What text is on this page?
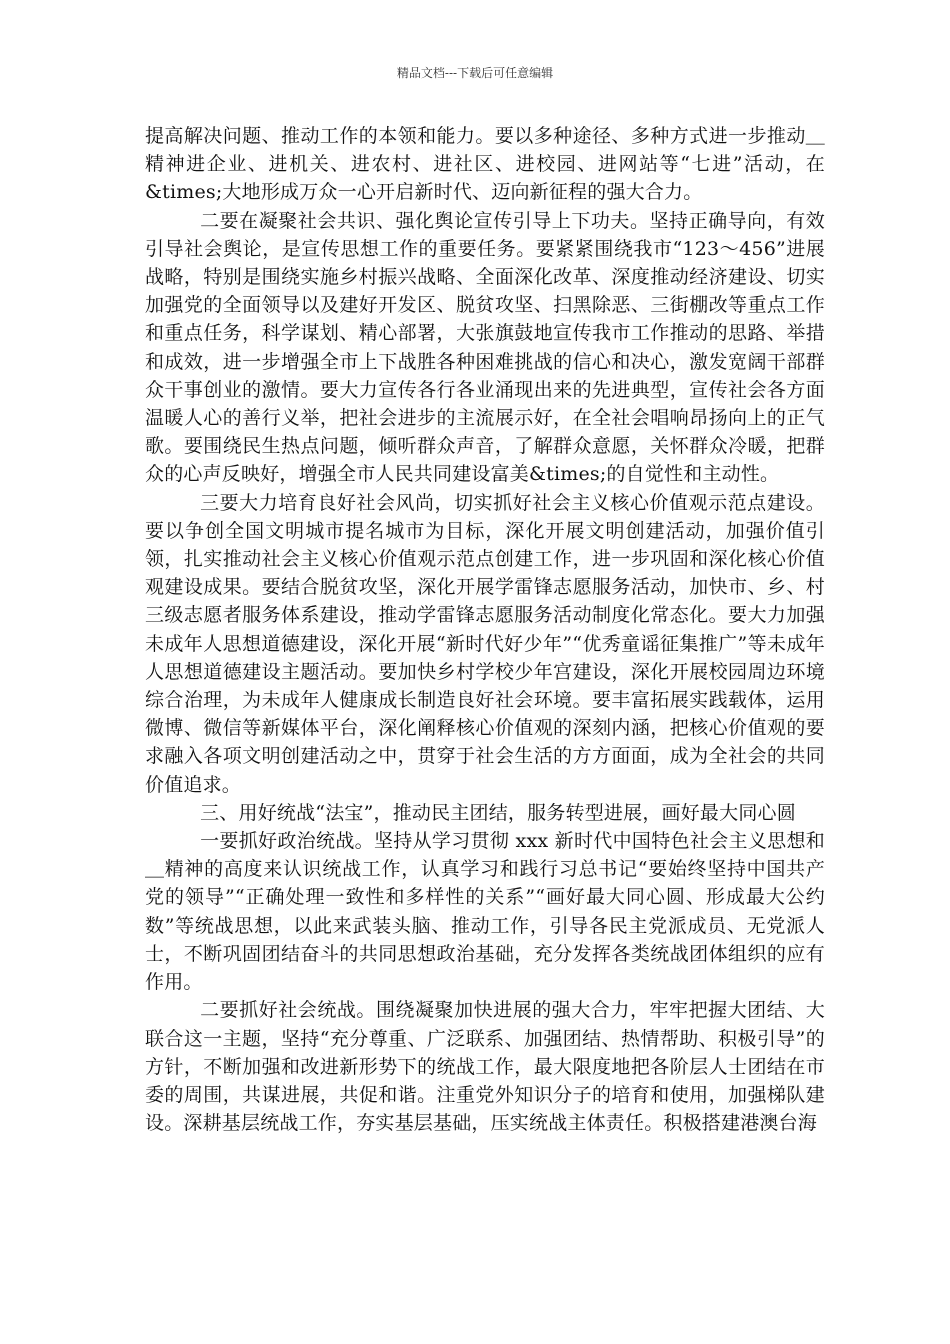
精品文档---下载后可任意编辑

提高解决问题、推动工作的本领和能力。要以多种途径、多种方式进一步推动＿精神进企业、进机关、进农村、进社区、进校园、进网站等“七进”活动，在&times;大地形成万众一心开启新时代、迈向新征程的强大合力。

二要在凝聚社会共识、强化舆论宣传引导上下功夫。坚持正确导向，有效引导社会舆论，是宣传思想工作的重要任务。要紧紧围绕我市“123～456”进展战略，特别是围绕实施乡村振兴战略、全面深化改革、深度推动经济建设、切实加强党的全面领导以及建好开发区、脱贫攻坚、扫黑除恶、三街棚改等重点工作和重点任务，科学谋划、精心部署，大张旗鼓地宣传我市工作推动的思路、举措和成效，进一步增强全市上下战胜各种困难挑战的信心和决心，激发宽阔干部群众干事创业的激情。要大力宣传各行各业涌现出来的先进典型，宣传社会各方面温暖人心的善行义举，把社会进步的主流展示好，在全社会唱响昂扬向上的正气歌。要围绕民生热点问题，倾听群众声音，了解群众意愿，关怀群众冷暖，把群众的心声反映好，增强全市人民共同建设富美&times;的自觉性和主动性。

三要大力培育良好社会风尚，切实抓好社会主义核心价值观示范点建设。要以争创全国文明城市提名城市为目标，深化开展文明创建活动，加强价值引领，扎实推动社会主义核心价值观示范点创建工作，进一步巩固和深化核心价值观建设成果。要结合脱贫攻坚，深化开展学雷锋志愿服务活动，加快市、乡、村三级志愿者服务体系建设，推动学雷锋志愿服务活动制度化常态化。要大力加强未成年人思想道德建设，深化开展“新时代好少年”“优秀童谣征集推广”等未成年人思想道德建设主题活动。要加快乡村学校少年宫建设，深化开展校园周边环境综合治理，为未成年人健康成长制造良好社会环境。要丰富拓展实践载体，运用微博、微信等新媒体平台，深化阐释核心价值观的深刻内涵，把核心价值观的要求融入各项文明创建活动之中，贯穿于社会生活的方方面面，成为全社会的共同价值追求。

三、用好统战“法宝”，推动民主团结，服务转型进展，画好最大同心圆

一要抓好政治统战。坚持从学习贯彻 xxx 新时代中国特色社会主义思想和＿精神的高度来认识统战工作，认真学习和践行习总书记“要始终坚持中国共产党的领导”“正确处理一致性和多样性的关系”“画好最大同心圆、形成最大公约数”等统战思想，以此来武装头脑、推动工作，引导各民主党派成员、无党派人士，不断巩固团结奋斗的共同思想政治基础，充分发挥各类统战团体组织的应有作用。

二要抓好社会统战。围绕凝聚加快进展的强大合力，牢牢把握大团结、大联合这一主题，坚持“充分尊重、广泛联系、加强团结、热情帮助、积极引导”的方针，不断加强和改进新形势下的统战工作，最大限度地把各阶层人士团结在市委的周围，共谋进展，共促和谐。注重党外知识分子的培育和使用，加强梯队建设。深耕基层统战工作，夯实基层基础，压实统战主体责任。积极搭建港澳台海
